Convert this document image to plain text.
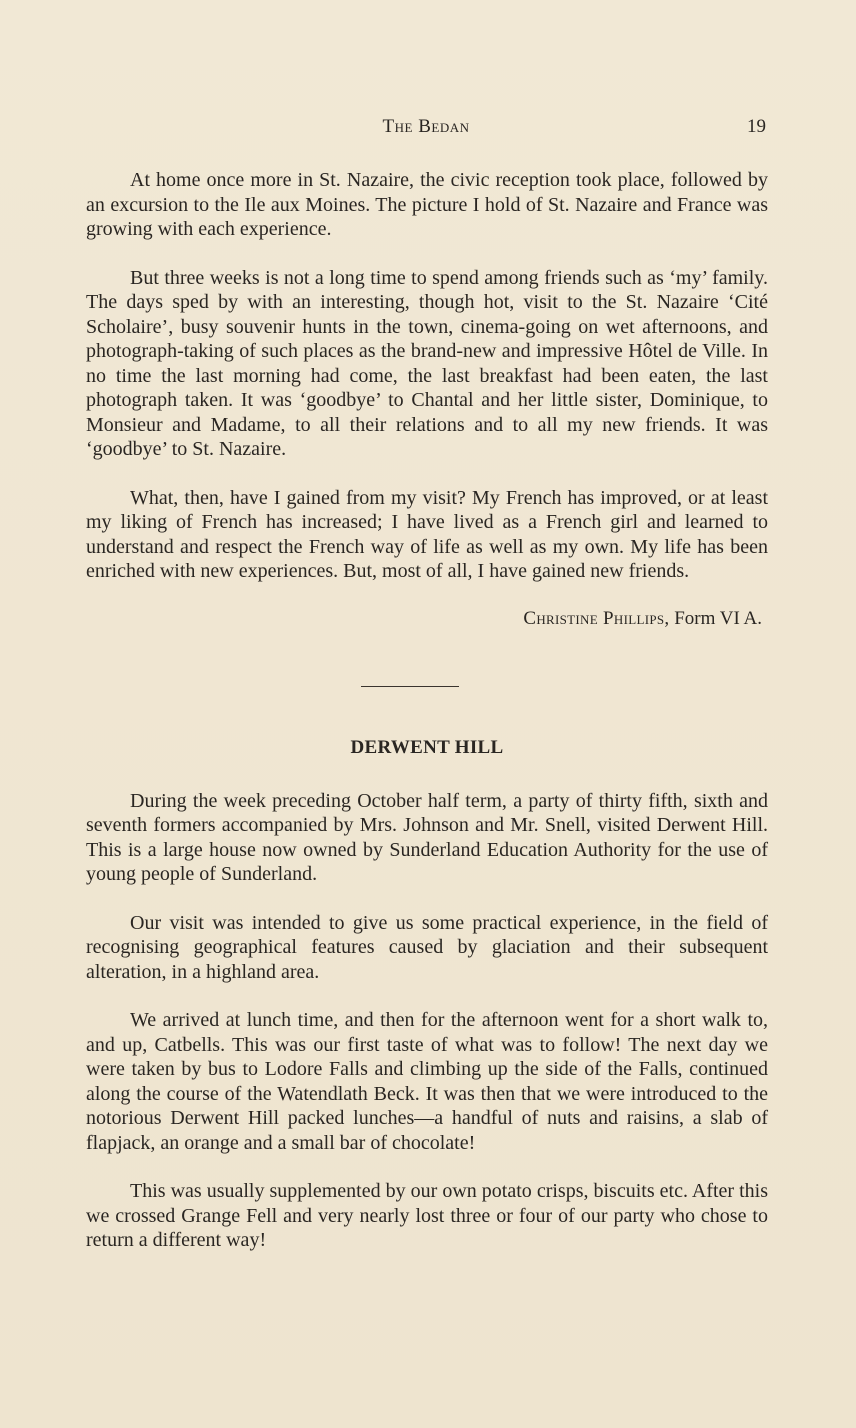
The Bedan	19

At home once more in St. Nazaire, the civic reception took place, followed by an excursion to the Ile aux Moines. The picture I hold of St. Nazaire and France was growing with each experience.

But three weeks is not a long time to spend among friends such as ‘my’ family. The days sped by with an interesting, though hot, visit to the St. Nazaire ‘Cité Scholaire’, busy souvenir hunts in the town, cinema-going on wet afternoons, and photograph-taking of such places as the brand-new and impressive Hôtel de Ville. In no time the last morning had come, the last breakfast had been eaten, the last photograph taken. It was ‘goodbye’ to Chantal and her little sister, Dominique, to Monsieur and Madame, to all their relations and to all my new friends. It was ‘goodbye’ to St. Nazaire.

What, then, have I gained from my visit? My French has improved, or at least my liking of French has increased; I have lived as a French girl and learned to understand and respect the French way of life as well as my own. My life has been enriched with new experiences. But, most of all, I have gained new friends.

Christine Phillips, Form VI A.
DERWENT HILL

During the week preceding October half term, a party of thirty fifth, sixth and seventh formers accompanied by Mrs. Johnson and Mr. Snell, visited Derwent Hill. This is a large house now owned by Sunderland Education Authority for the use of young people of Sunderland.

Our visit was intended to give us some practical experience, in the field of recognising geographical features caused by glaciation and their subsequent alteration, in a highland area.

We arrived at lunch time, and then for the afternoon went for a short walk to, and up, Catbells. This was our first taste of what was to follow! The next day we were taken by bus to Lodore Falls and climbing up the side of the Falls, continued along the course of the Watendlath Beck. It was then that we were introduced to the notorious Derwent Hill packed lunches—a handful of nuts and raisins, a slab of flapjack, an orange and a small bar of chocolate!

This was usually supplemented by our own potato crisps, biscuits etc. After this we crossed Grange Fell and very nearly lost three or four of our party who chose to return a different way!
